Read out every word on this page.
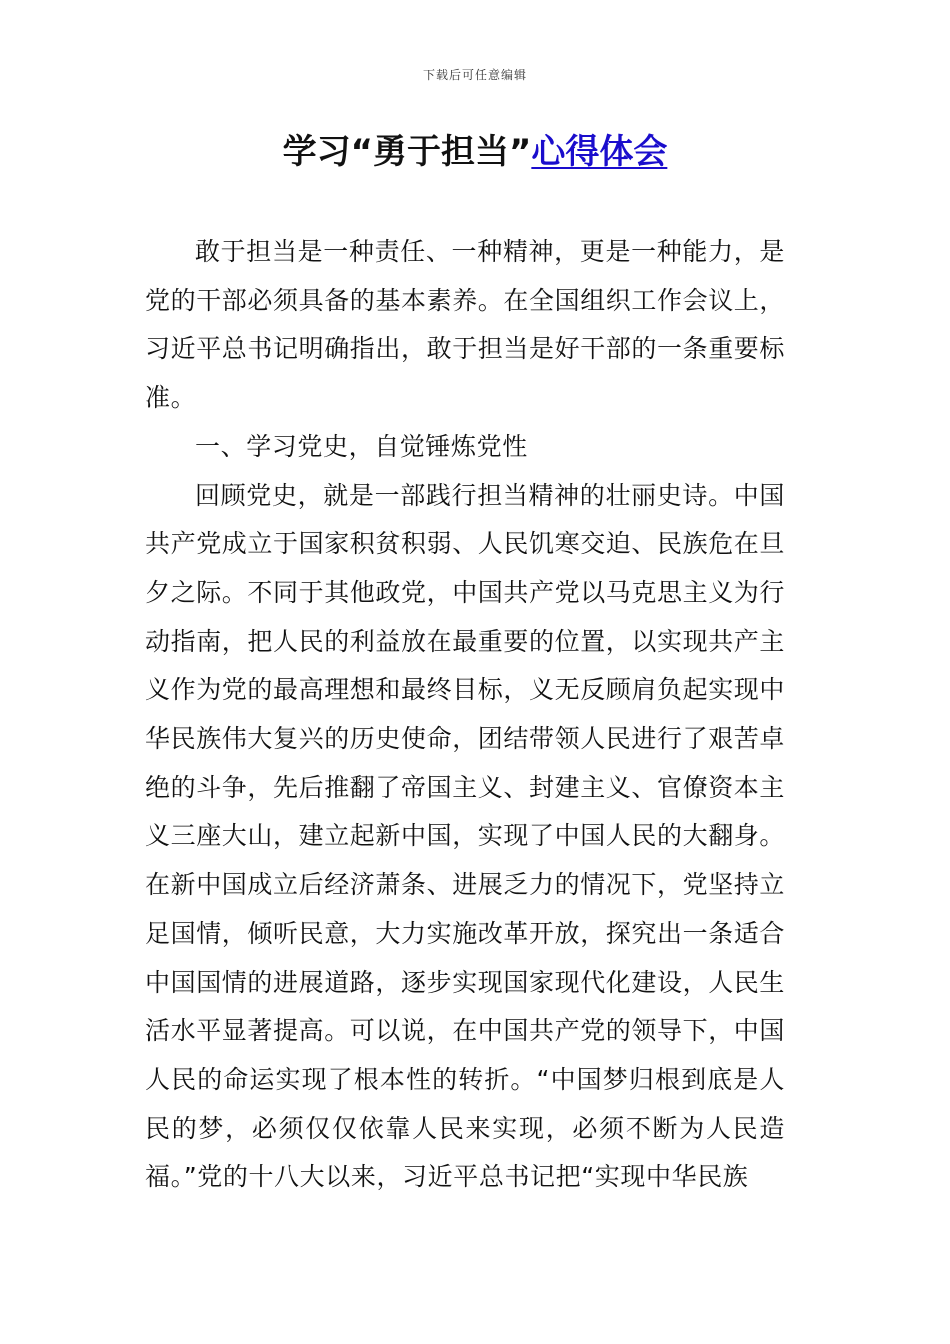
下载后可任意编辑
学习“勇于担当”心得体会

敢于担当是一种责任、一种精神，更是一种能力，是党的干部必须具备的基本素养。在全国组织工作会议上，习近平总书记明确指出，敢于担当是好干部的一条重要标准。

一、学习党史，自觉锤炼党性

回顾党史，就是一部践行担当精神的壮丽史诗。中国共产党成立于国家积贫积弱、人民饥寒交迫、民族危在旦夕之际。不同于其他政党，中国共产党以马克思主义为行动指南，把人民的利益放在最重要的位置，以实现共产主义作为党的最高理想和最终目标，义无反顾肩负起实现中华民族伟大复兴的历史使命，团结带领人民进行了艰苦卓绝的斗争，先后推翻了帝国主义、封建主义、官僚资本主义三座大山，建立起新中国，实现了中国人民的大翻身。在新中国成立后经济萧条、进展乏力的情况下，党坚持立足国情，倾听民意，大力实施改革开放，探究出一条适合中国国情的进展道路，逐步实现国家现代化建设，人民生活水平显著提高。可以说，在中国共产党的领导下，中国人民的命运实现了根本性的转折。“中国梦归根到底是人民的梦，必须仅仅依靠人民来实现，必须不断为人民造福。”党的十八大以来，习近平总书记把“实现中华民族
